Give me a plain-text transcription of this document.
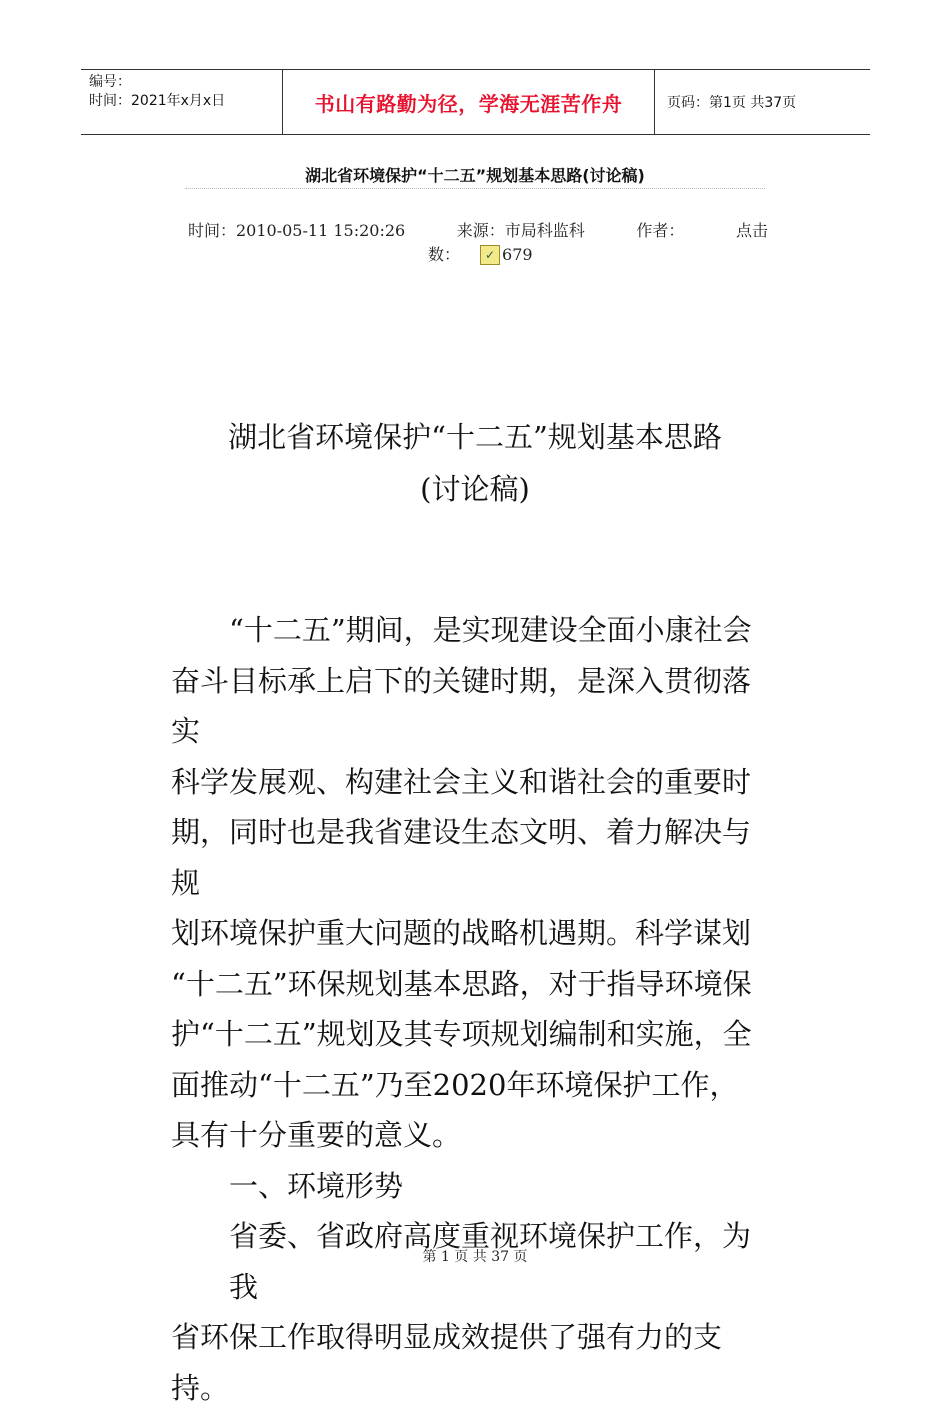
编号：
时间：2021年x月x日	书山有路勤为径，学海无涯苦作舟	页码：第1页 共37页
湖北省环境保护“十二五”规划基本思路(讨论稿)
时间：2010-05-11 15:20:26	来源：市局科监科	作者：	点击
数：	✓ 679
湖北省环境保护“十二五”规划基本思路
(讨论稿)

“十二五”期间，是实现建设全面小康社会

奋斗目标承上启下的关键时期，是深入贯彻落实

科学发展观、构建社会主义和谐社会的重要时

期，同时也是我省建设生态文明、着力解决与规

划环境保护重大问题的战略机遇期。科学谋划

“十二五”环保规划基本思路，对于指导环境保

护“十二五”规划及其专项规划编制和实施，全

面推动“十二五”乃至2020年环境保护工作，

具有十分重要的意义。

一、环境形势

省委、省政府高度重视环境保护工作，为我

省环保工作取得明显成效提供了强有力的支持。

第 1 页 共 37 页
